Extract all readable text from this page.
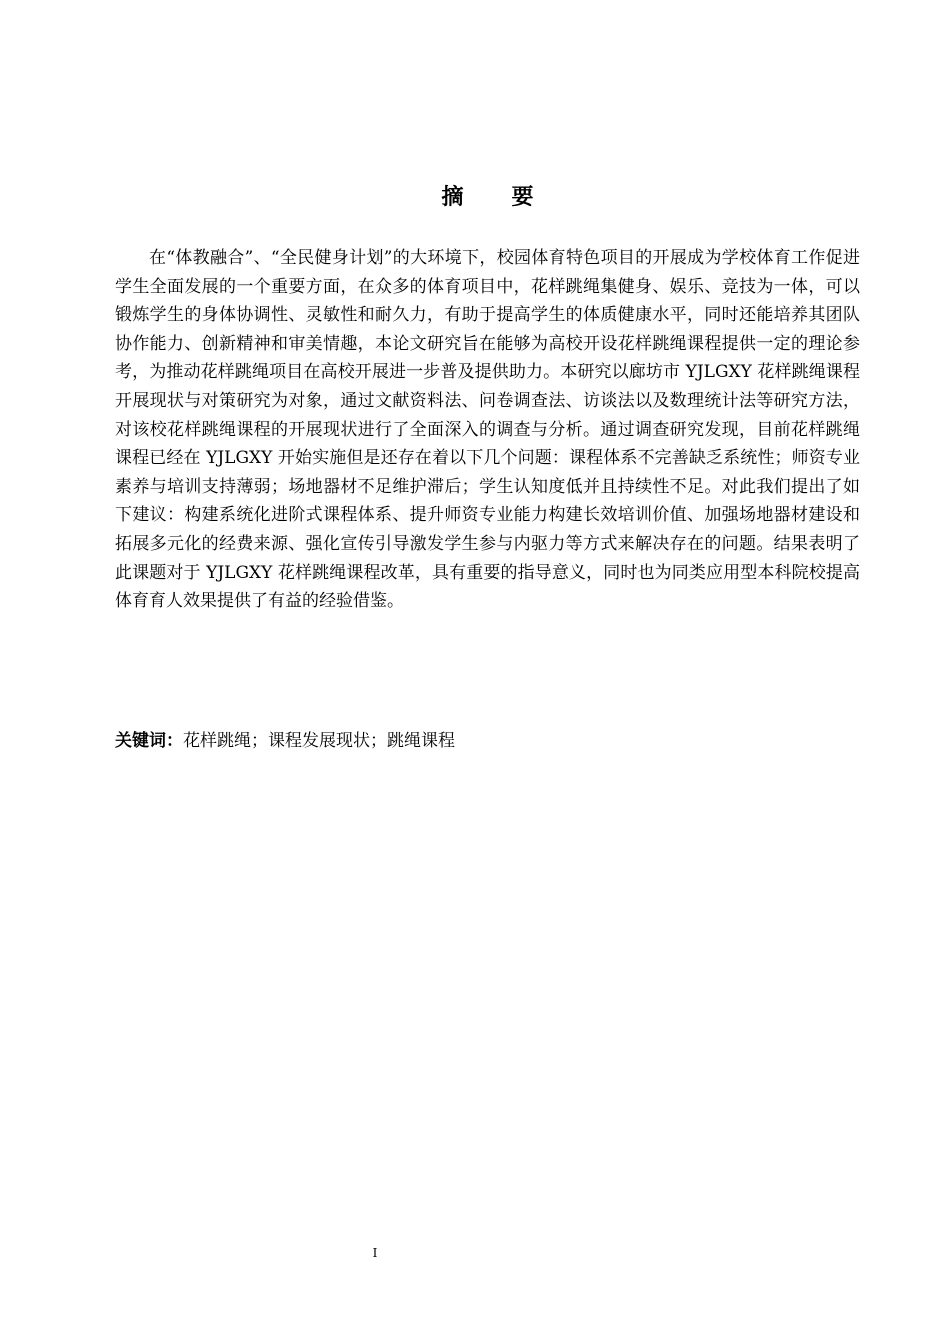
摘 要

在“体教融合”、“全民健身计划”的大环境下，校园体育特色项目的开展成为学校体育工作促进学生全面发展的一个重要方面，在众多的体育项目中，花样跳绳集健身、娱乐、竞技为一体，可以锻炼学生的身体协调性、灵敏性和耐久力，有助于提高学生的体质健康水平，同时还能培养其团队协作能力、创新精神和审美情趣，本论文研究旨在能够为高校开设花样跳绳课程提供一定的理论参考，为推动花样跳绳项目在高校开展进一步普及提供助力。本研究以廊坊市 YJLGXY 花样跳绳课程开展现状与对策研究为对象，通过文献资料法、问卷调查法、访谈法以及数理统计法等研究方法，对该校花样跳绳课程的开展现状进行了全面深入的调查与分析。通过调查研究发现，目前花样跳绳课程已经在 YJLGXY 开始实施但是还存在着以下几个问题：课程体系不完善缺乏系统性；师资专业素养与培训支持薄弱；场地器材不足维护滞后；学生认知度低并且持续性不足。对此我们提出了如下建议：构建系统化进阶式课程体系、提升师资专业能力构建长效培训价值、加强场地器材建设和拓展多元化的经费来源、强化宣传引导激发学生参与内驱力等方式来解决存在的问题。结果表明了此课题对于 YJLGXY 花样跳绳课程改革，具有重要的指导意义，同时也为同类应用型本科院校提高体育育人效果提供了有益的经验借鉴。

关键词：花样跳绳；课程发展现状；跳绳课程

I
